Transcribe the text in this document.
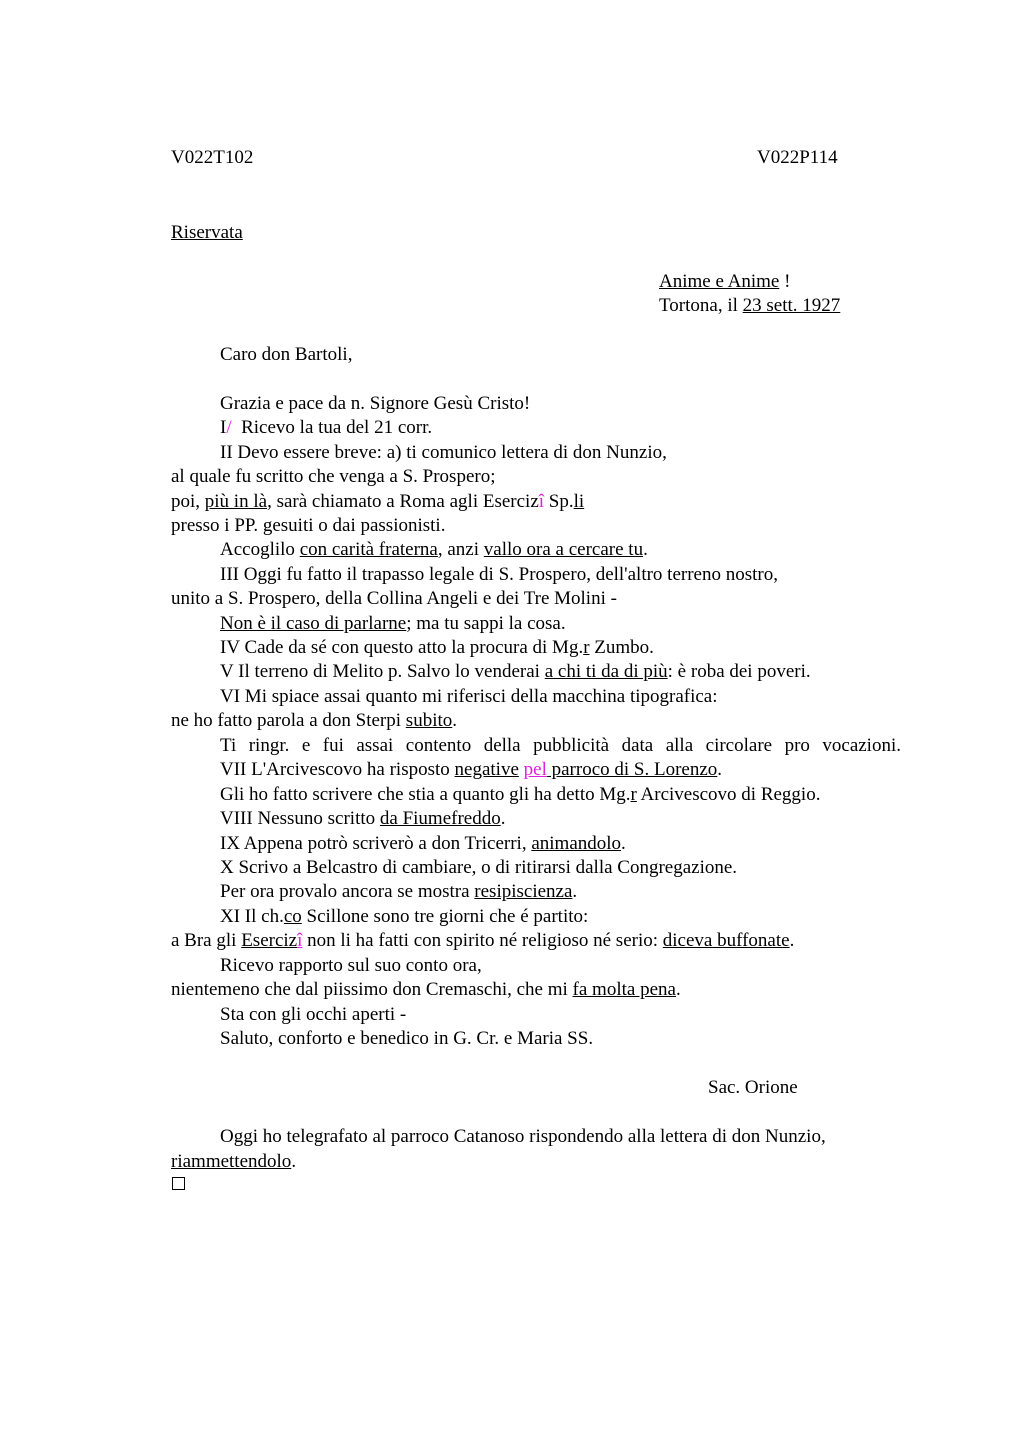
V022T102	V022P114
Riservata
Anime e Anime !
Tortona, il 23 sett. 1927
Caro don Bartoli,
Grazia e pace da n. Signore Gesù Cristo!
I/  Ricevo la tua del 21 corr.
II Devo essere breve: a) ti comunico lettera di don Nunzio,
al quale fu scritto che venga a S. Prospero;
poi, più in là, sarà chiamato a Roma agli Esercizî Sp.li
presso i PP. gesuiti o dai passionisti.
Accoglilo con carità fraterna, anzi vallo ora a cercare tu.
III Oggi fu fatto il trapasso legale di S. Prospero, dell'altro terreno nostro,
unito a S. Prospero, della Collina Angeli e dei Tre Molini -
Non è il caso di parlarne; ma tu sappi la cosa.
IV Cade da sé con questo atto la procura di Mg.r Zumbo.
V Il terreno di Melito p. Salvo lo venderai a chi ti da di più: è roba dei poveri.
VI Mi spiace assai quanto mi riferisci della macchina tipografica:
ne ho fatto parola a don Sterpi subito.
Ti ringr. e fui assai contento della pubblicità data alla circolare pro vocazioni.
VII L'Arcivescovo ha risposto negative pel parroco di S. Lorenzo.
Gli ho fatto scrivere che stia a quanto gli ha detto Mg.r Arcivescovo di Reggio.
VIII Nessuno scritto da Fiumefreddo.
IX Appena potrò scriverò a don Tricerri, animandolo.
X Scrivo a Belcastro di cambiare, o di ritirarsi dalla Congregazione.
Per ora provalo ancora se mostra resipiscienza.
XI Il ch.co Scillone sono tre giorni che é partito:
a Bra gli Esercizî non li ha fatti con spirito né religioso né serio: diceva buffonate.
Ricevo rapporto sul suo conto ora,
nientemeno che dal piissimo don Cremaschi, che mi fa molta pena.
Sta con gli occhi aperti -
Saluto, conforto e benedico in G. Cr. e Maria SS.
Sac. Orione
Oggi ho telegrafato al parroco Catanoso rispondendo alla lettera di don Nunzio,
riammettendolo.
